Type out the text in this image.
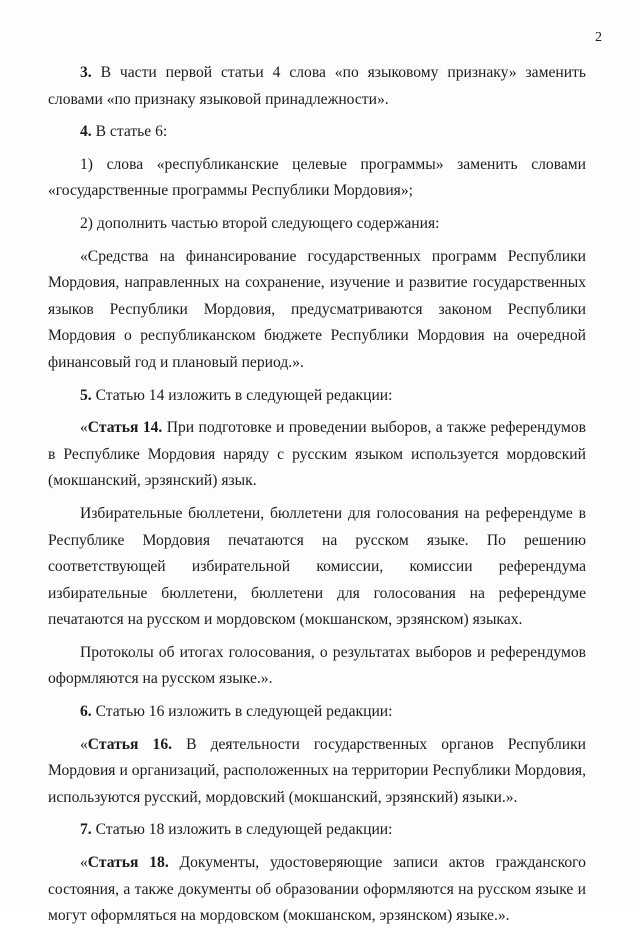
2

3. В части первой статьи 4 слова «по языковому признаку» заменить словами «по признаку языковой принадлежности».

4. В статье 6:

1) слова «республиканские целевые программы» заменить словами «государственные программы Республики Мордовия»;

2) дополнить частью второй следующего содержания:

«Средства на финансирование государственных программ Республики Мордовия, направленных на сохранение, изучение и развитие государственных языков Республики Мордовия, предусматриваются законом Республики Мордовия о республиканском бюджете Республики Мордовия на очередной финансовый год и плановый период.».

5. Статью 14 изложить в следующей редакции:

«Статья 14. При подготовке и проведении выборов, а также референдумов в Республике Мордовия наряду с русским языком используется мордовский (мокшанский, эрзянский) язык.

Избирательные бюллетени, бюллетени для голосования на референдуме в Республике Мордовия печатаются на русском языке. По решению соответствующей избирательной комиссии, комиссии референдума избирательные бюллетени, бюллетени для голосования на референдуме печатаются на русском и мордовском (мокшанском, эрзянском) языках.

Протоколы об итогах голосования, о результатах выборов и референдумов оформляются на русском языке.».

6. Статью 16 изложить в следующей редакции:

«Статья 16. В деятельности государственных органов Республики Мордовия и организаций, расположенных на территории Республики Мордовия, используются русский, мордовский (мокшанский, эрзянский) языки.».

7. Статью 18 изложить в следующей редакции:

«Статья 18. Документы, удостоверяющие записи актов гражданского состояния, а также документы об образовании оформляются на русском языке и могут оформляться на мордовском (мокшанском, эрзянском) языке.».
